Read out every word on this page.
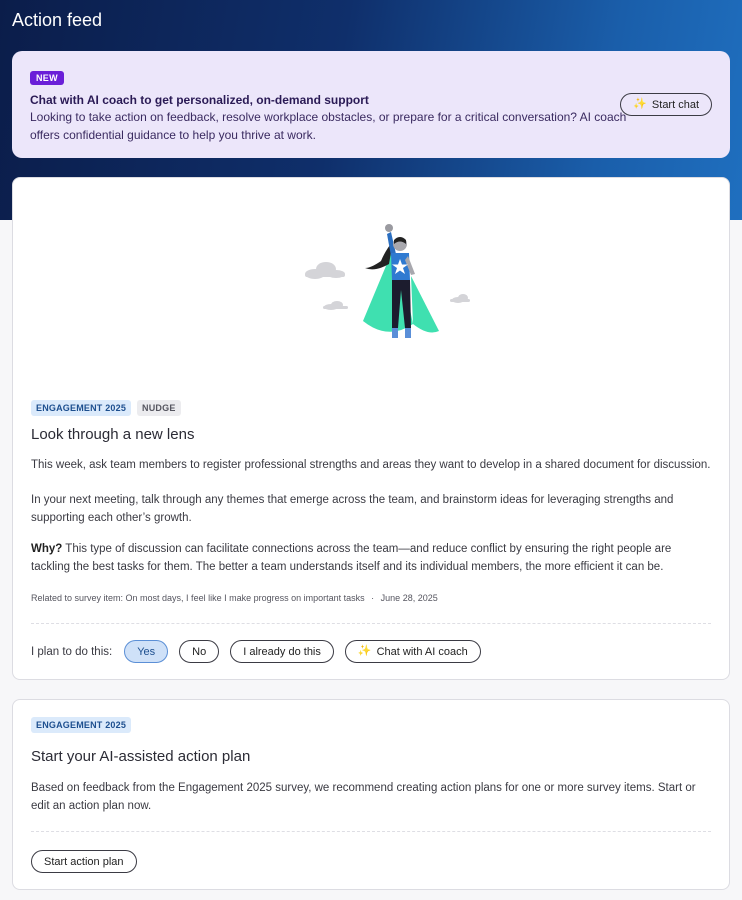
Action feed
NEW
Chat with AI coach to get personalized, on-demand support
Looking to take action on feedback, resolve workplace obstacles, or prepare for a critical conversation? AI coach offers confidential guidance to help you thrive at work.
✨ Start chat
ENGAGEMENT 2025	NUDGE
Look through a new lens

This week, ask team members to register professional strengths and areas they want to develop in a shared document for discussion.

In your next meeting, talk through any themes that emerge across the team, and brainstorm ideas for leveraging strengths and supporting each other’s growth.

Why? This type of discussion can facilitate connections across the team—and reduce conflict by ensuring the right people are tackling the best tasks for them. The better a team understands itself and its individual members, the more efficient it can be.

Related to survey item: On most days, I feel like I make progress on important tasks · June 28, 2025
I plan to do this:	Yes	No	I already do this	✨ Chat with AI coach
ENGAGEMENT 2025
Start your AI-assisted action plan

Based on feedback from the Engagement 2025 survey, we recommend creating action plans for one or more survey items. Start or edit an action plan now.

Start action plan
